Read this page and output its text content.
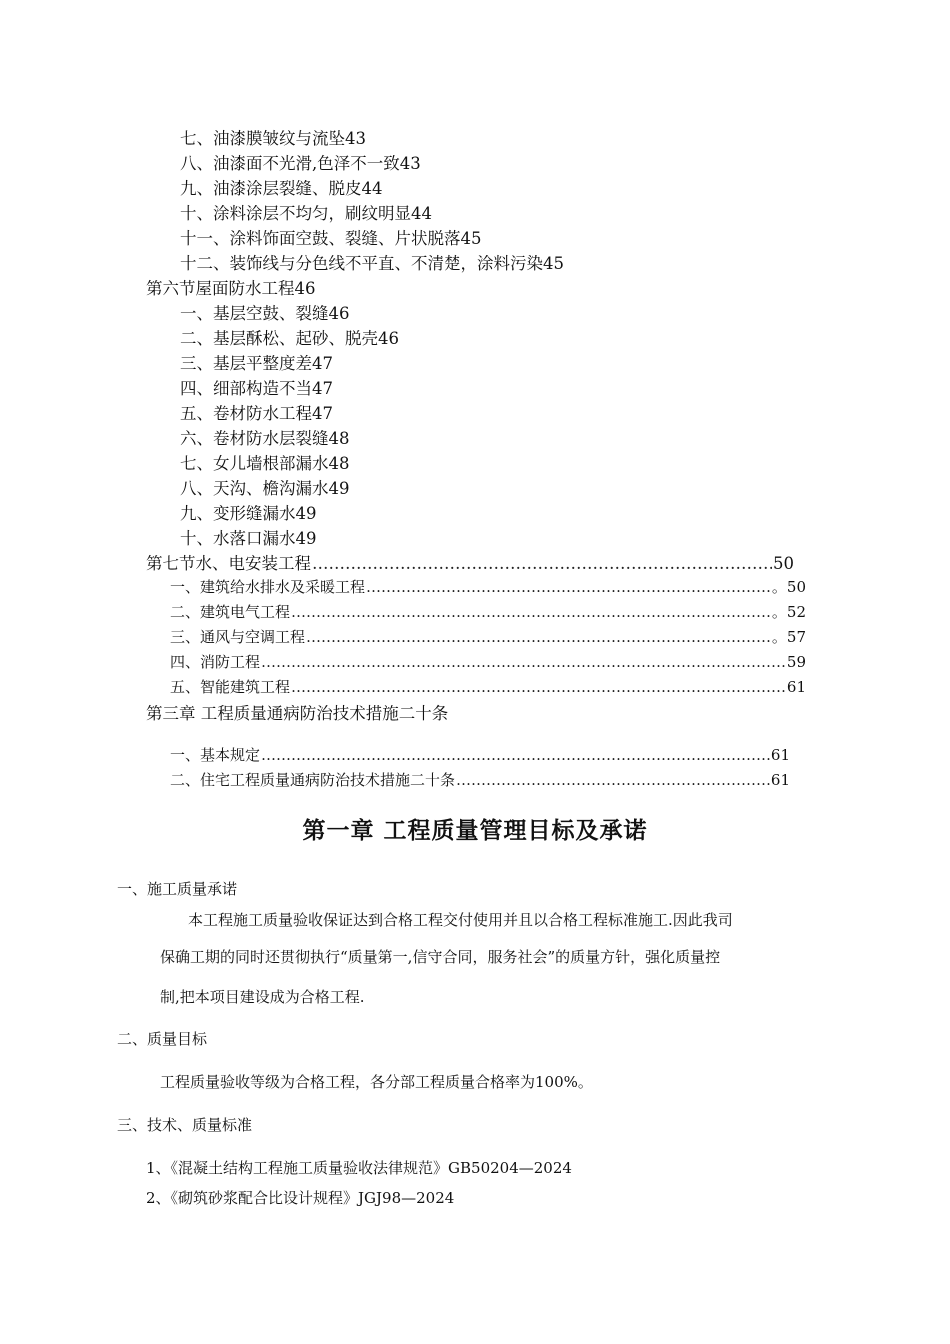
七、油漆膜皱纹与流坠43
八、油漆面不光滑,色泽不一致43
九、油漆涂层裂缝、脱皮44
十、涂料涂层不均匀，刷纹明显44
十一、涂料饰面空鼓、裂缝、片状脱落45
十二、装饰线与分色线不平直、不清楚，涂料污染45
第六节屋面防水工程46
一、基层空鼓、裂缝46
二、基层酥松、起砂、脱壳46
三、基层平整度差47
四、细部构造不当47
五、卷材防水工程47
六、卷材防水层裂缝48
七、女儿墙根部漏水48
八、天沟、檐沟漏水49
九、变形缝漏水49
十、水落口漏水49
第七节水、电安装工程 …………………………………………………………………………………………………………………………………………………………………………………………………………	50
一、建筑给水排水及采暖工程 …………………………………………………………………………………………………………………………………………………………………………………………………………	。50
二、建筑电气工程 …………………………………………………………………………………………………………………………………………………………………………………………………………	。52
三、通风与空调工程 …………………………………………………………………………………………………………………………………………………………………………………………………………	。57
四、消防工程 …………………………………………………………………………………………………………………………………………………………………………………………………………	59
五、智能建筑工程 …………………………………………………………………………………………………………………………………………………………………………………………………………	61
第三章 工程质量通病防治技术措施二十条
一、基本规定 …………………………………………………………………………………………………………………………………………………………………………………………………………	61
二、住宅工程质量通病防治技术措施二十条 …………………………………………………………………………………………………………………………………………………………………………………………………………	61
第一章 工程质量管理目标及承诺
一、施工质量承诺
本工程施工质量验收保证达到合格工程交付使用并且以合格工程标准施工.因此我司
保确工期的同时还贯彻执行“质量第一,信守合同，服务社会”的质量方针，强化质量控
制,把本项目建设成为合格工程.
二、质量目标
工程质量验收等级为合格工程，各分部工程质量合格率为100%。
三、技术、质量标准
1、《混凝土结构工程施工质量验收法律规范》GB50204—2024
2、《砌筑砂浆配合比设计规程》JGJ98—2024
